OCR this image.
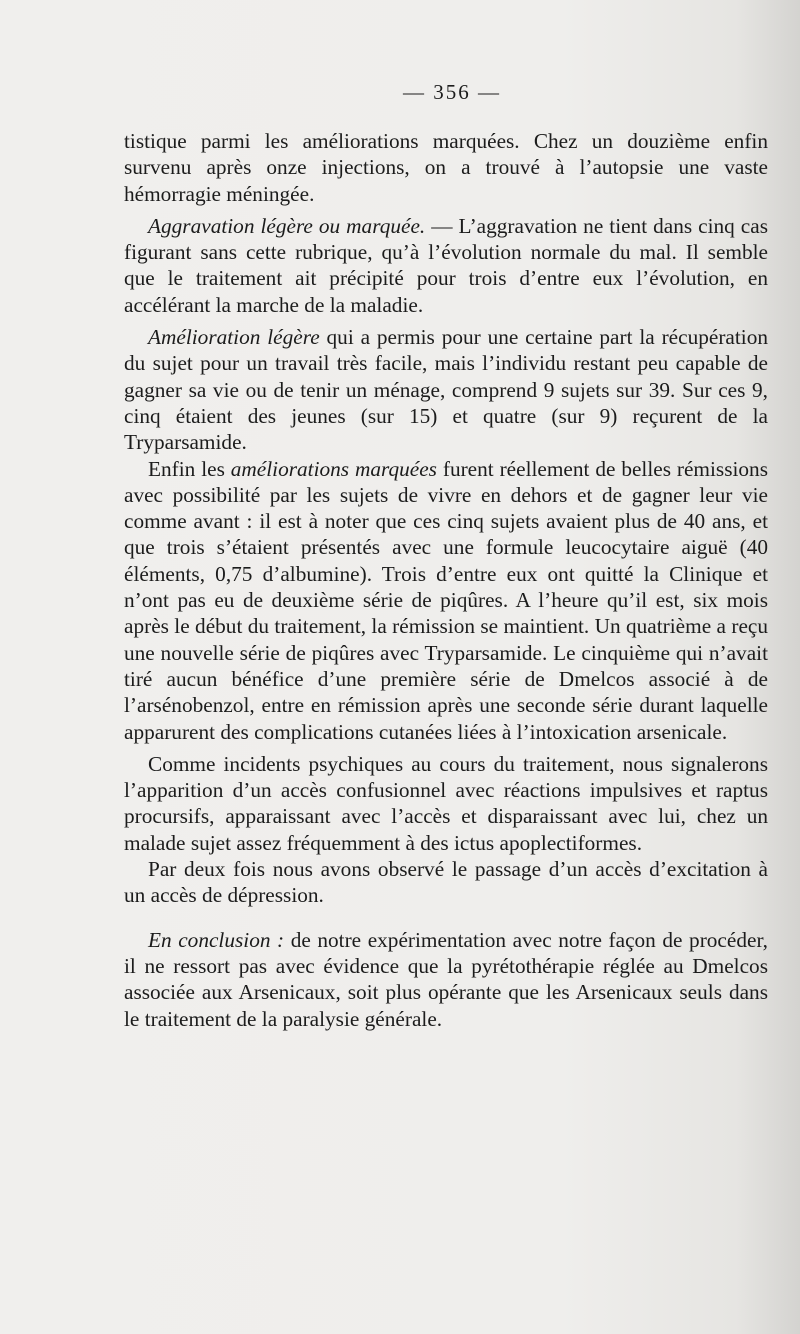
— 356 —

tistique parmi les améliorations marquées. Chez un douzième enfin survenu après onze injections, on a trouvé à l’autopsie une vaste hémorragie méningée.

Aggravation légère ou marquée. — L’aggravation ne tient dans cinq cas figurant sans cette rubrique, qu’à l’évolution normale du mal. Il semble que le traitement ait précipité pour trois d’entre eux l’évolution, en accélérant la marche de la maladie.

Amélioration légère qui a permis pour une certaine part la récupération du sujet pour un travail très facile, mais l’individu restant peu capable de gagner sa vie ou de tenir un ménage, comprend 9 sujets sur 39. Sur ces 9, cinq étaient des jeunes (sur 15) et quatre (sur 9) reçurent de la Tryparsamide.

Enfin les améliorations marquées furent réellement de belles rémissions avec possibilité par les sujets de vivre en dehors et de gagner leur vie comme avant : il est à noter que ces cinq sujets avaient plus de 40 ans, et que trois s’étaient présentés avec une formule leucocytaire aiguë (40 éléments, 0,75 d’albumine). Trois d’entre eux ont quitté la Clinique et n’ont pas eu de deuxième série de piqûres. A l’heure qu’il est, six mois après le début du traitement, la rémission se maintient. Un quatrième a reçu une nouvelle série de piqûres avec Tryparsamide. Le cinquième qui n’avait tiré aucun bénéfice d’une première série de Dmelcos associé à de l’arsénobenzol, entre en rémission après une seconde série durant laquelle apparurent des complications cutanées liées à l’intoxication arsenicale.

Comme incidents psychiques au cours du traitement, nous signalerons l’apparition d’un accès confusionnel avec réactions impulsives et raptus procursifs, apparaissant avec l’accès et disparaissant avec lui, chez un malade sujet assez fréquemment à des ictus apoplectiformes.

Par deux fois nous avons observé le passage d’un accès d’excitation à un accès de dépression.

En conclusion : de notre expérimentation avec notre façon de procéder, il ne ressort pas avec évidence que la pyrétothérapie réglée au Dmelcos associée aux Arsenicaux, soit plus opérante que les Arsenicaux seuls dans le traitement de la paralysie générale.
